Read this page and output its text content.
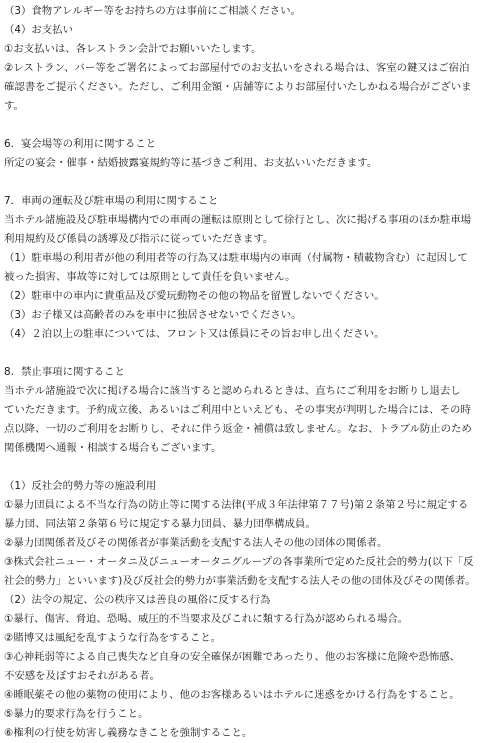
（3）食物アレルギー等をお持ちの方は事前にご相談ください。
（4）お支払い
①お支払いは、各レストラン会計でお願いいたします。
②レストラン、バー等をご署名によってお部屋付でのお支払いをされる場合は、客室の鍵又はご宿泊
確認書をご提示ください。ただし、ご利用金額・店舗等によりお部屋付いたしかねる場合がございま
す。
6．宴会場等の利用に関すること
所定の宴会・催事・結婚披露宴規約等に基づきご利用、お支払いいただきます。
7．車両の運転及び駐車場の利用に関すること
当ホテル諸施設及び駐車場構内での車両の運転は原則として徐行とし、次に掲げる事項のほか駐車場
利用規約及び係員の誘導及び指示に従っていただきます。
（1）駐車場の利用者が他の利用者等の行為又は駐車場内の車両（付属物・積載物含む）に起因して
被った損害、事故等に対しては原則として責任を負いません。
（2）駐車中の車内に貴重品及び愛玩動物その他の物品を留置しないでください。
（3）お子様又は高齢者のみを車中に独居させないでください。
（4）２泊以上の駐車については、フロント又は係員にその旨お申し出ください。
8．禁止事項に関すること
当ホテル諸施設で次に掲げる場合に該当すると認められるときは、直ちにご利用をお断りし退去し
ていただきます。予約成立後、あるいはご利用中といえども、その事実が判明した場合には、その時
点以降、一切のご利用をお断りし、それに伴う返金・補償は致しません。なお、トラブル防止のため
関係機関へ通報・相談する場合もございます。
（1）反社会的勢力等の施設利用
①暴力団員による不当な行為の防止等に関する法律(平成３年法律第７７号)第２条第２号に規定する
暴力団、同法第２条第６号に規定する暴力団員、暴力団準構成員。
②暴力団関係者及びその関係者が事業活動を支配する法人その他の団体の関係者。
③株式会社ニュー・オータニ及びニューオータニグループの各事業所で定めた反社会的勢力(以下「反
社会的勢力」といいます)及び反社会的勢力が事業活動を支配する法人その他の団体及びその関係者。
（2）法令の規定、公の秩序又は善良の風俗に反する行為
①暴行、傷害、脅迫、恐喝、威圧的不当要求及びこれに類する行為が認められる場合。
②賭博又は風紀を乱すような行為をすること。
③心神耗弱等による自己喪失など自身の安全確保が困難であったり、他のお客様に危険や恐怖感、
不安感を及ぼすおそれがある者。
④睡眠薬その他の薬物の使用により、他のお客様あるいはホテルに迷惑をかける行為をすること。
⑤暴力的要求行為を行うこと。
⑥権利の行使を妨害し義務なきことを強制すること。
